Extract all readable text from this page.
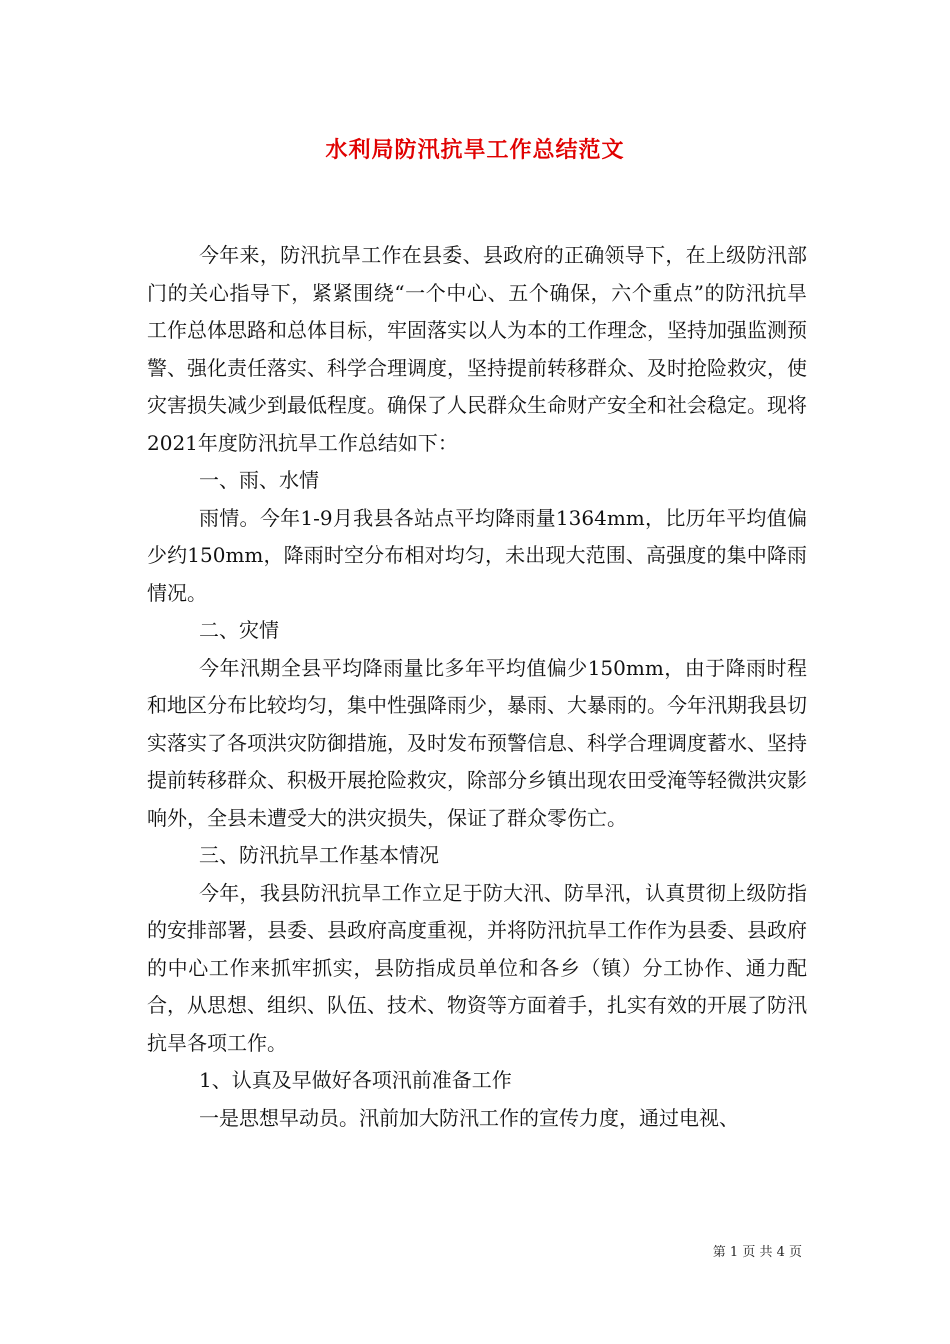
水利局防汛抗旱工作总结范文

今年来，防汛抗旱工作在县委、县政府的正确领导下，在上级防汛部门的关心指导下，紧紧围绕“一个中心、五个确保，六个重点”的防汛抗旱工作总体思路和总体目标，牢固落实以人为本的工作理念，坚持加强监测预警、强化责任落实、科学合理调度，坚持提前转移群众、及时抢险救灾，使灾害损失减少到最低程度。确保了人民群众生命财产安全和社会稳定。现将2021年度防汛抗旱工作总结如下：

一、雨、水情

雨情。今年1-9月我县各站点平均降雨量1364mm，比历年平均值偏少约150mm，降雨时空分布相对均匀，未出现大范围、高强度的集中降雨情况。

二、灾情

今年汛期全县平均降雨量比多年平均值偏少150mm，由于降雨时程和地区分布比较均匀，集中性强降雨少，暴雨、大暴雨的。今年汛期我县切实落实了各项洪灾防御措施，及时发布预警信息、科学合理调度蓄水、坚持提前转移群众、积极开展抢险救灾，除部分乡镇出现农田受淹等轻微洪灾影响外，全县未遭受大的洪灾损失，保证了群众零伤亡。

三、防汛抗旱工作基本情况

今年，我县防汛抗旱工作立足于防大汛、防旱汛，认真贯彻上级防指的安排部署，县委、县政府高度重视，并将防汛抗旱工作作为县委、县政府的中心工作来抓牢抓实，县防指成员单位和各乡（镇）分工协作、通力配合，从思想、组织、队伍、技术、物资等方面着手，扎实有效的开展了防汛抗旱各项工作。

1、认真及早做好各项汛前准备工作

一是思想早动员。汛前加大防汛工作的宣传力度，通过电视、

第 1 页 共 4 页
